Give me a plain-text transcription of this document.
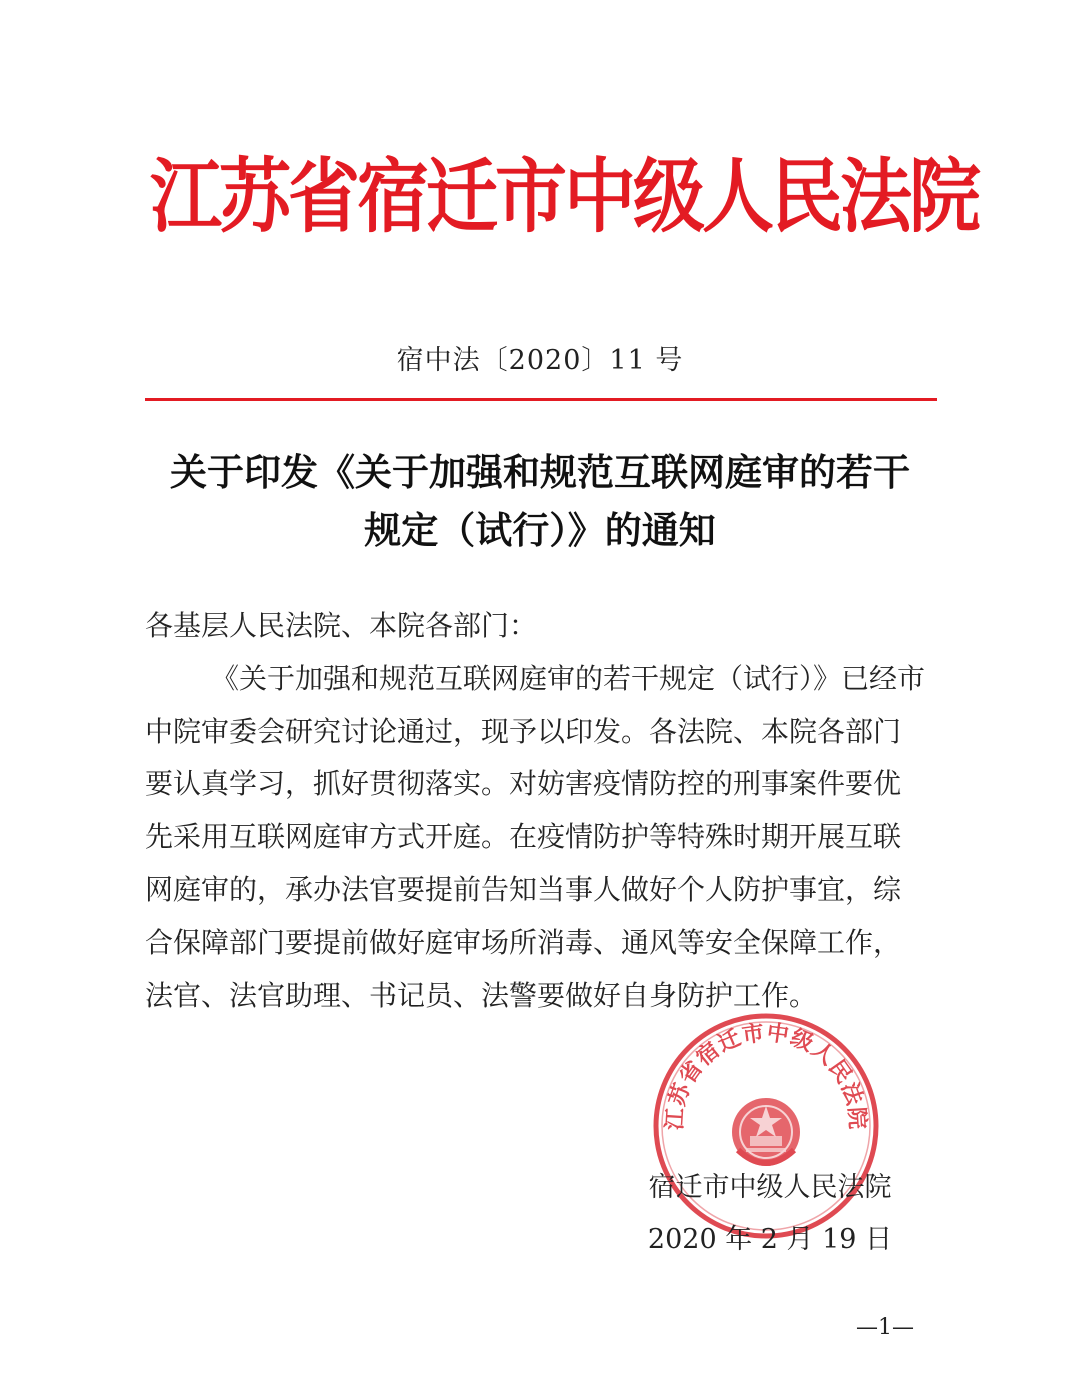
江苏省宿迁市中级人民法院
宿中法〔2020〕11 号
关于印发《关于加强和规范互联网庭审的若干
规定（试行）》的通知
各基层人民法院、本院各部门：
《关于加强和规范互联网庭审的若干规定（试行）》已经市
中院审委会研究讨论通过，现予以印发。各法院、本院各部门
要认真学习，抓好贯彻落实。对妨害疫情防控的刑事案件要优
先采用互联网庭审方式开庭。在疫情防护等特殊时期开展互联
网庭审的，承办法官要提前告知当事人做好个人防护事宜，综
合保障部门要提前做好庭审场所消毒、通风等安全保障工作，
法官、法官助理、书记员、法警要做好自身防护工作。
江苏省宿迁市中级人民法院
宿迁市中级人民法院
2020 年 2 月 19 日
—1—
